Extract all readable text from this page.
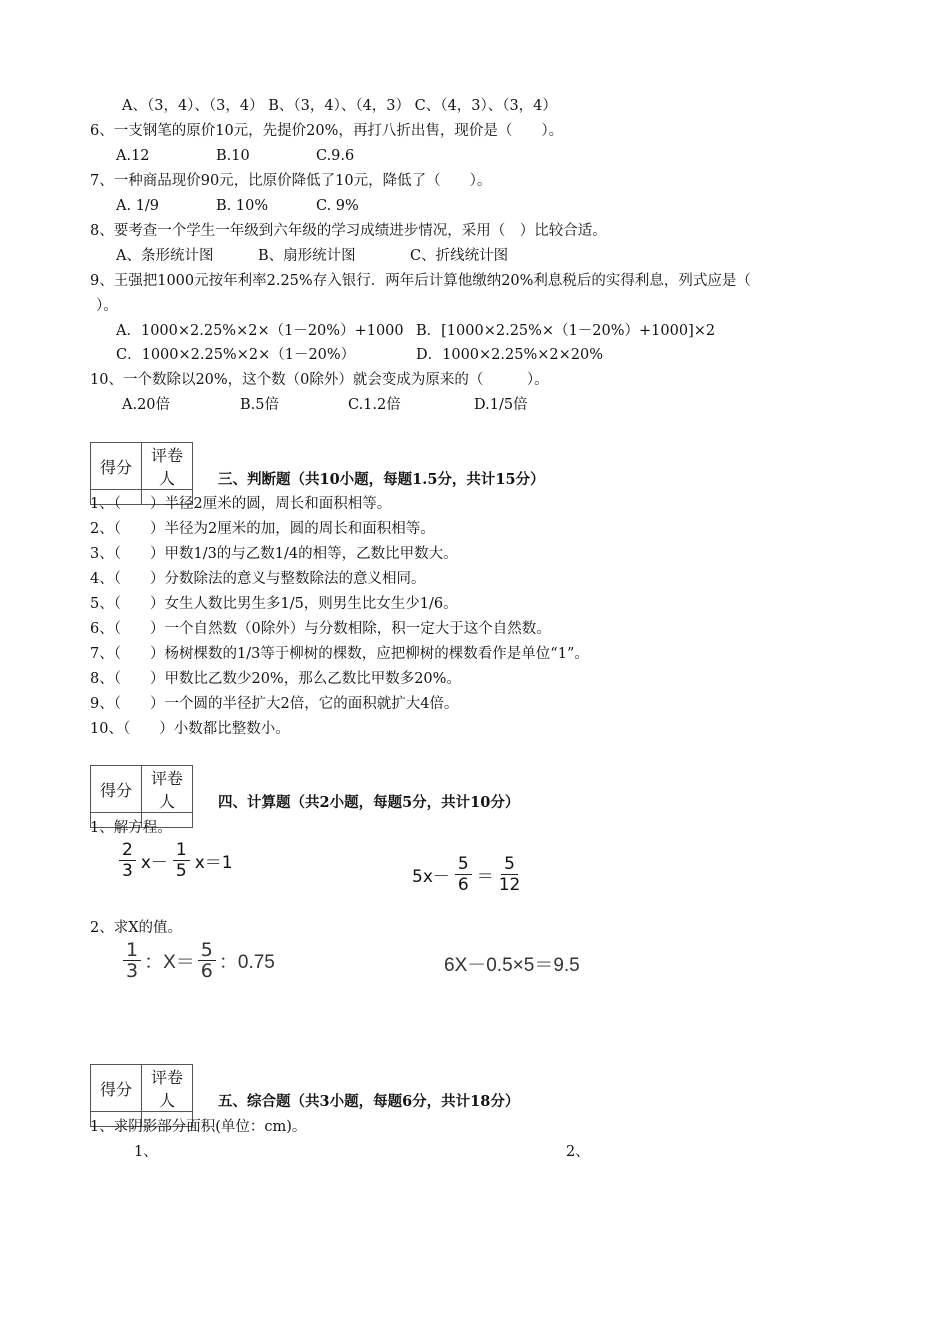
A、（3，4）、（3，4） B、（3，4）、（4，3） C、（4，3）、（3，4）
6、一支钢笔的原价10元，先提价20%，再打八折出售，现价是（　　）。
A.12	B.10	C.9.6
7、一种商品现价90元，比原价降低了10元，降低了（　　）。
A. 1/9	B. 10%	C. 9%
8、要考查一个学生一年级到六年级的学习成绩进步情况，采用（　）比较合适。
A、条形统计图	B、扇形统计图	C、折线统计图
9、王强把1000元按年利率2.25%存入银行．两年后计算他缴纳20%利息税后的实得利息，列式应是（
）。
A．1000×2.25%×2×（1－20%）+1000 B．[1000×2.25%×（1－20%）+1000]×2
C．1000×2.25%×2×（1－20%）	D．1000×2.25%×2×20%
10、一个数除以20%，这个数（0除外）就会变成为原来的（　　　）。
A.20倍	B.5倍	C.1.2倍	D.1/5倍
得分	评卷人
		三、判断题（共10小题，每题1.5分，共计15分）
1、（　　）半径2厘米的圆，周长和面积相等。
2、（　　）半径为2厘米的加，圆的周长和面积相等。
3、（　　）甲数1/3的与乙数1/4的相等，乙数比甲数大。
4、（　　）分数除法的意义与整数除法的意义相同。
5、（　　）女生人数比男生多1/5，则男生比女生少1/6。
6、（　　）一个自然数（0除外）与分数相除，积一定大于这个自然数。
7、（　　）杨树棵数的1/3等于柳树的棵数，应把柳树的棵数看作是单位“1”。
8、（　　）甲数比乙数少20%，那么乙数比甲数多20%。
9、（　　）一个圆的半径扩大2倍，它的面积就扩大4倍。
10、（　　）小数都比整数小。
得分	评卷人
		四、计算题（共2小题，每题5分，共计10分）
1、解方程。
$\frac{2}{3} x- \frac{1}{5} x=1$
$5x- \frac{5}{6} = \frac{5}{12}$
2、求X的值。
$\frac{1}{3}$ ：$X= \frac{5}{6}$ ：0.75	6X－0.5×5＝9.5
得分	评卷人
		五、综合题（共3小题，每题6分，共计18分）
1、求阴影部分面积(单位：cm)。
1、	2、
